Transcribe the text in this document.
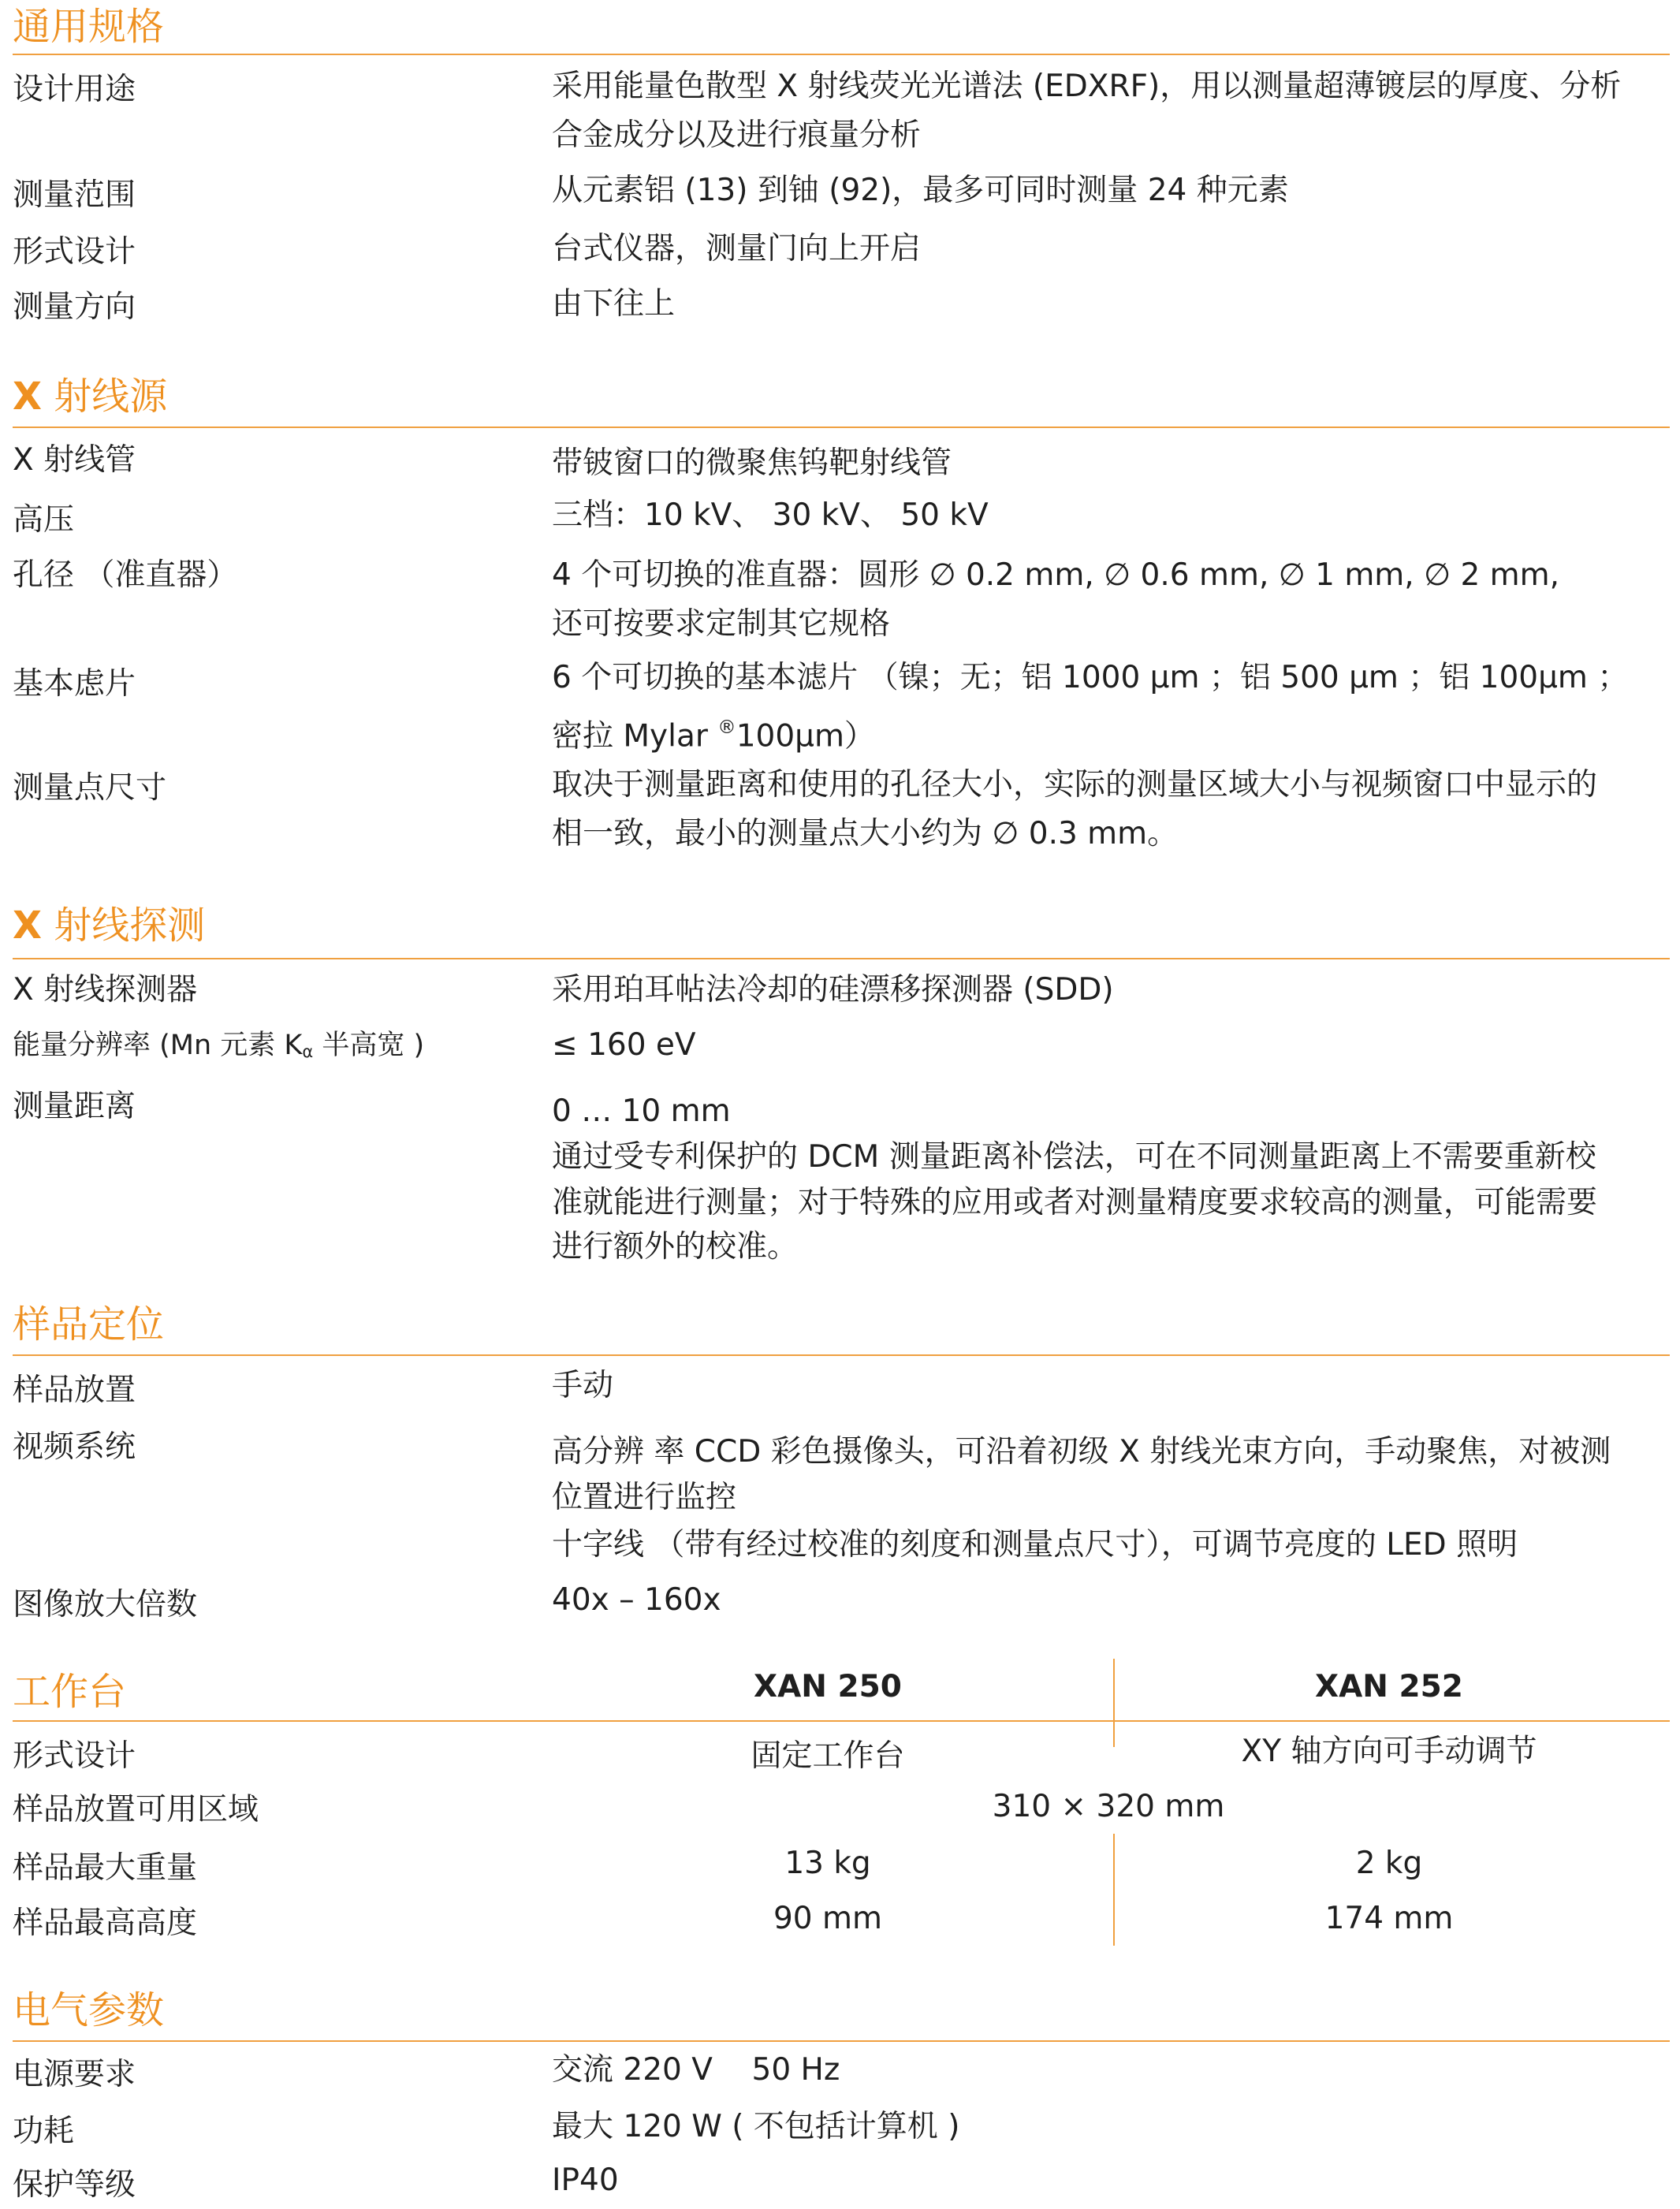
通用规格
设计用途	采用能量色散型 X 射线荧光光谱法 (EDXRF)，用以测量超薄镀层的厚度、分析
合金成分以及进行痕量分析
测量范围	从元素铝 (13) 到铀 (92)，最多可同时测量 24 种元素
形式设计	台式仪器，测量门向上开启
测量方向	由下往上
X 射线源
X 射线管	带铍窗口的微聚焦钨靶射线管
高压	三档：10 kV、 30 kV、 50 kV
孔径 （准直器）	4 个可切换的准直器：圆形 ∅ 0.2 mm, ∅ 0.6 mm, ∅ 1 mm, ∅ 2 mm,
还可按要求定制其它规格
基本虑片	6 个可切换的基本滤片 （镍；无；铝 1000 μm ；铝 500 μm ；铝 100μm ；
密拉 Mylar ®100μm）
测量点尺寸	取决于测量距离和使用的孔径大小，实际的测量区域大小与视频窗口中显示的
相一致，最小的测量点大小约为 ∅ 0.3 mm。
X 射线探测
X 射线探测器	采用珀耳帖法冷却的硅漂移探测器 (SDD)
能量分辨率 (Mn 元素 $K_\alpha$ 半高宽 )	≤ 160 eV
测量距离	0 … 10 mm
通过受专利保护的 DCM 测量距离补偿法，可在不同测量距离上不需要重新校
准就能进行测量；对于特殊的应用或者对测量精度要求较高的测量，可能需要
进行额外的校准。
样品定位
样品放置	手动
视频系统	高分辨 率 CCD 彩色摄像头，可沿着初级 X 射线光束方向，手动聚焦，对被测
位置进行监控
十字线 （带有经过校准的刻度和测量点尺寸），可调节亮度的 LED 照明
图像放大倍数	40x – 160x
工作台	XAN 250	XAN 252
形式设计	固定工作台	XY 轴方向可手动调节
样品放置可用区域	310 × 320 mm
样品最大重量	13 kg	2 kg
样品最高高度	90 mm	174 mm
电气参数
电源要求	交流 220 V    50 Hz
功耗	最大 120 W ( 不包括计算机 )
保护等级	IP40
